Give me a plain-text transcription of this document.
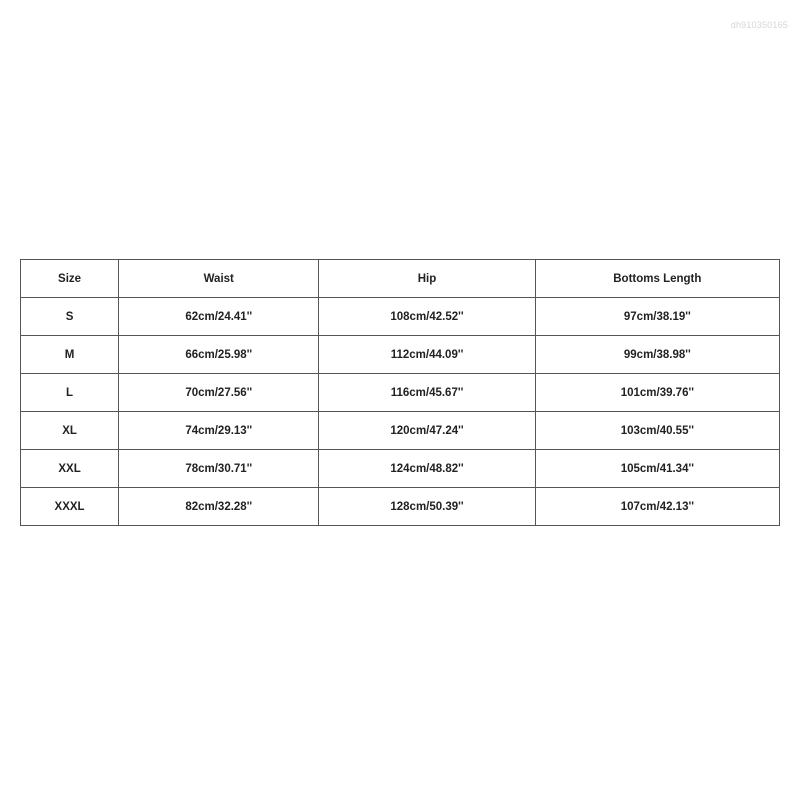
dh910350165
Size	Waist	Hip	Bottoms Length
S	62cm/24.41''	108cm/42.52''	97cm/38.19''
M	66cm/25.98''	112cm/44.09''	99cm/38.98''
L	70cm/27.56''	116cm/45.67''	101cm/39.76''
XL	74cm/29.13''	120cm/47.24''	103cm/40.55''
XXL	78cm/30.71''	124cm/48.82''	105cm/41.34''
XXXL	82cm/32.28''	128cm/50.39''	107cm/42.13''
